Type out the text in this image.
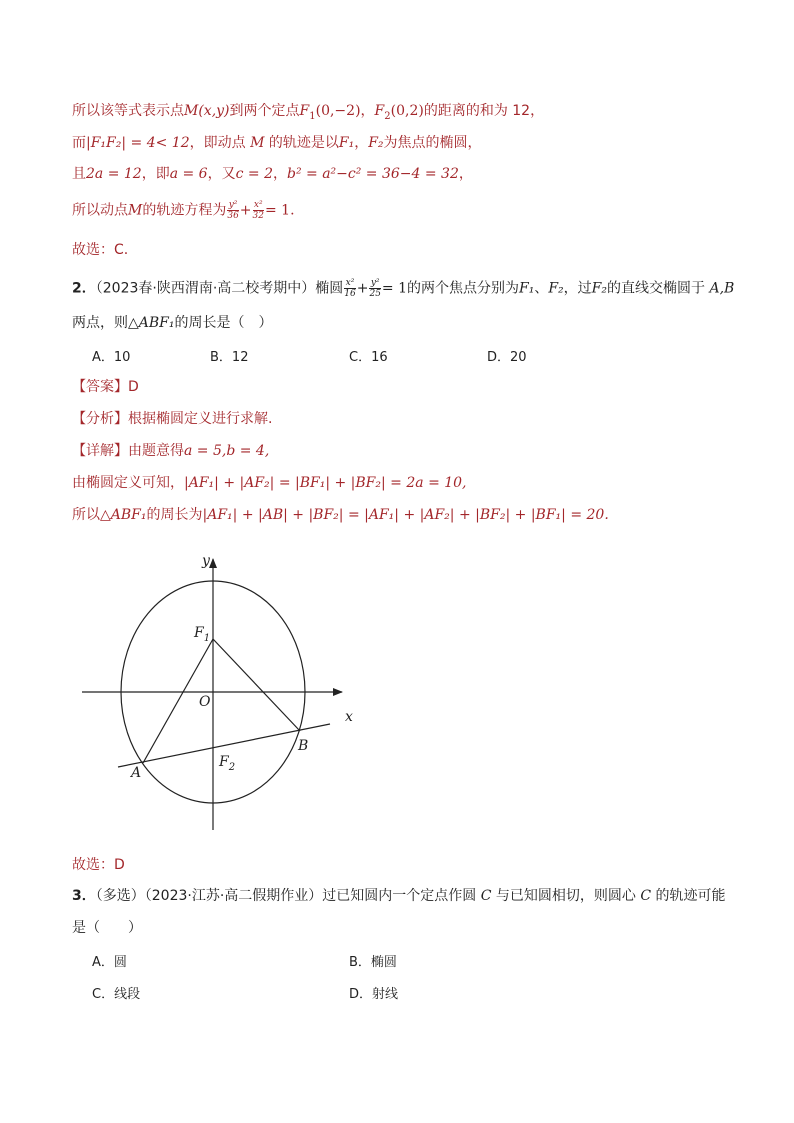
所以该等式表示点M(x,y)到两个定点$F_1(0,-2)$，$F_2(0,2)$的距离的和为 12，
而|F₁F₂| = 4< 12，即动点 M 的轨迹是以F₁，F₂为焦点的椭圆，
且2a = 12，即a = 6，又c = 2，b² = a²−c² = 36−4 = 32，
所以动点M的轨迹方程为 $\frac{\text{y²}}{36} + \frac{\text{x²}}{32} = 1$.
故选：C.
2．（2023春·陕西渭南·高二校考期中）椭圆 $\frac{\text{x²}}{16} + \frac{\text{y²}}{25} = 1$的两个焦点分别为F₁、F₂，过F₂的直线交椭圆于 A,B
两点，则△ABF₁的周长是（　）
A．10	B．12	C．16	D．20
【答案】D
【分析】根据椭圆定义进行求解.
【详解】由题意得a = 5,b = 4,
由椭圆定义可知，|AF₁| + |AF₂| = |BF₁| + |BF₂| = 2a = 10,
所以△ABF₁的周长为|AF₁| + |AB| + |BF₂| = |AF₁| + |AF₂| + |BF₂| + |BF₁| = 20.
y
x
O
$F_1$
$F_2$
A
B
故选：D
3．（多选）（2023·江苏·高二假期作业）过已知圆内一个定点作圆 C 与已知圆相切，则圆心 C 的轨迹可能
是（　　）
A．圆	B．椭圆
C．线段	D．射线
